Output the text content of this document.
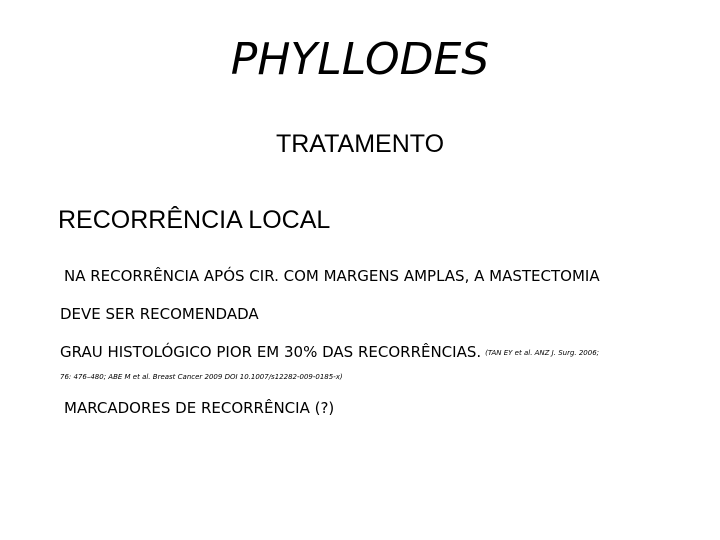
PHYLLODES
TRATAMENTO
RECORRÊNCIA LOCAL
NA RECORRÊNCIA APÓS CIR. COM MARGENS AMPLAS, A MASTECTOMIA
DEVE SER RECOMENDADA
GRAU HISTOLÓGICO PIOR EM 30% DAS RECORRÊNCIAS. (TAN EY et al. ANZ J. Surg. 2006;
76: 476–480; ABE M et al. Breast Cancer 2009 DOI 10.1007/s12282-009-0185-x)
MARCADORES DE RECORRÊNCIA (?)
